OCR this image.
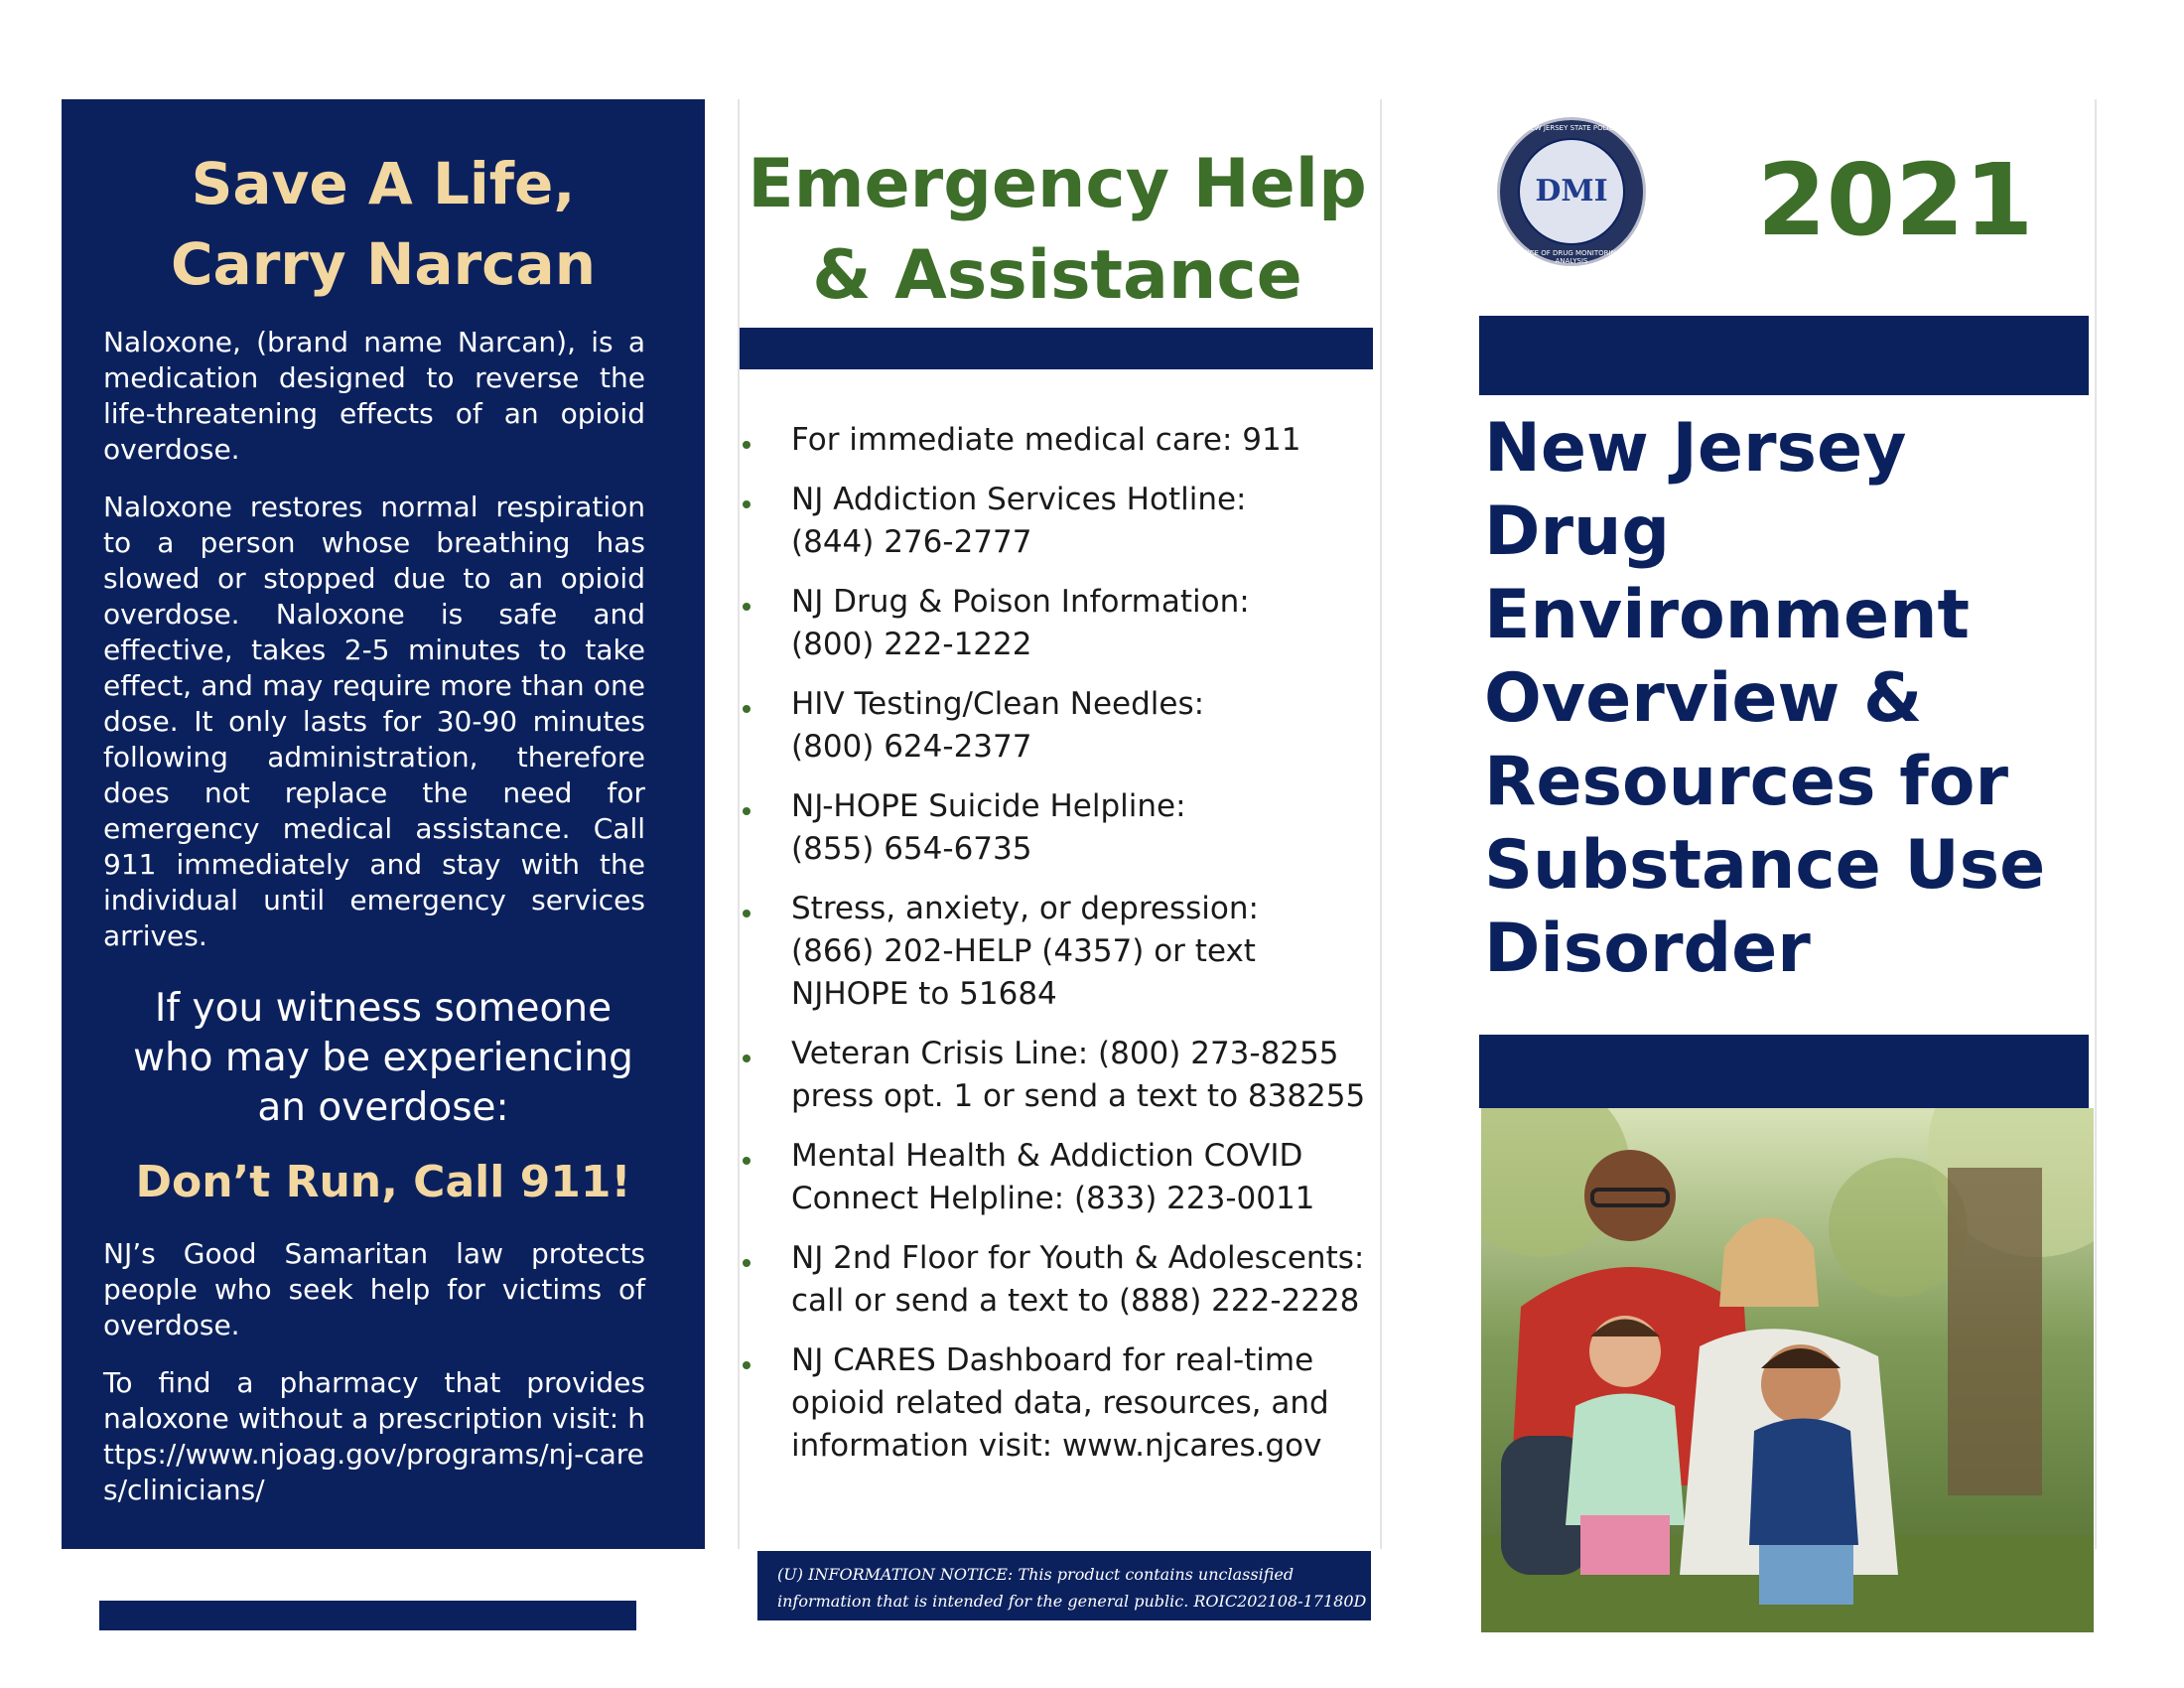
Save A Life,
Carry Narcan

Naloxone, (brand name Narcan), is a medication designed to reverse the life-threatening effects of an opioid overdose.

Naloxone restores normal respiration to a person whose breathing has slowed or stopped due to an opioid overdose. Naloxone is safe and effective, takes 2-5 minutes to take effect, and may require more than one dose. It only lasts for 30-90 minutes following administration, therefore does not replace the need for emergency medical assistance. Call 911 immediately and stay with the individual until emergency services arrives.

If you witness someone
who may be experiencing
an overdose:
Don’t Run, Call 911!

NJ’s Good Samaritan law protects people who seek help for victims of overdose.

To find a pharmacy that provides naloxone without a prescription visit: https://www.njoag.gov/programs/nj-cares/clinicians/

Emergency Help
& Assistance
For immediate medical care: 911
NJ Addiction Services Hotline:
(844) 276-2777
NJ Drug & Poison Information:
(800) 222-1222
HIV Testing/Clean Needles:
(800) 624-2377
NJ-HOPE Suicide Helpline:
(855) 654-6735
Stress, anxiety, or depression:
(866) 202-HELP (4357) or text
NJHOPE to 51684
Veteran Crisis Line: (800) 273-8255
press opt. 1 or send a text to 838255
Mental Health & Addiction COVID
Connect Helpline: (833) 223-0011
NJ 2nd Floor for Youth & Adolescents:
call or send a text to (888) 222-2228
NJ CARES Dashboard for real-time
opioid related data, resources, and
information visit: www.njcares.gov
(U) INFORMATION NOTICE: This product contains unclassified
information that is intended for the general public. ROIC202108-17180D
NEW JERSEY STATE POLICE
DMI
OFFICE OF DRUG MONITORING & ANALYSIS
2021
New Jersey
Drug
Environment
Overview &
Resources for
Substance Use
Disorder
